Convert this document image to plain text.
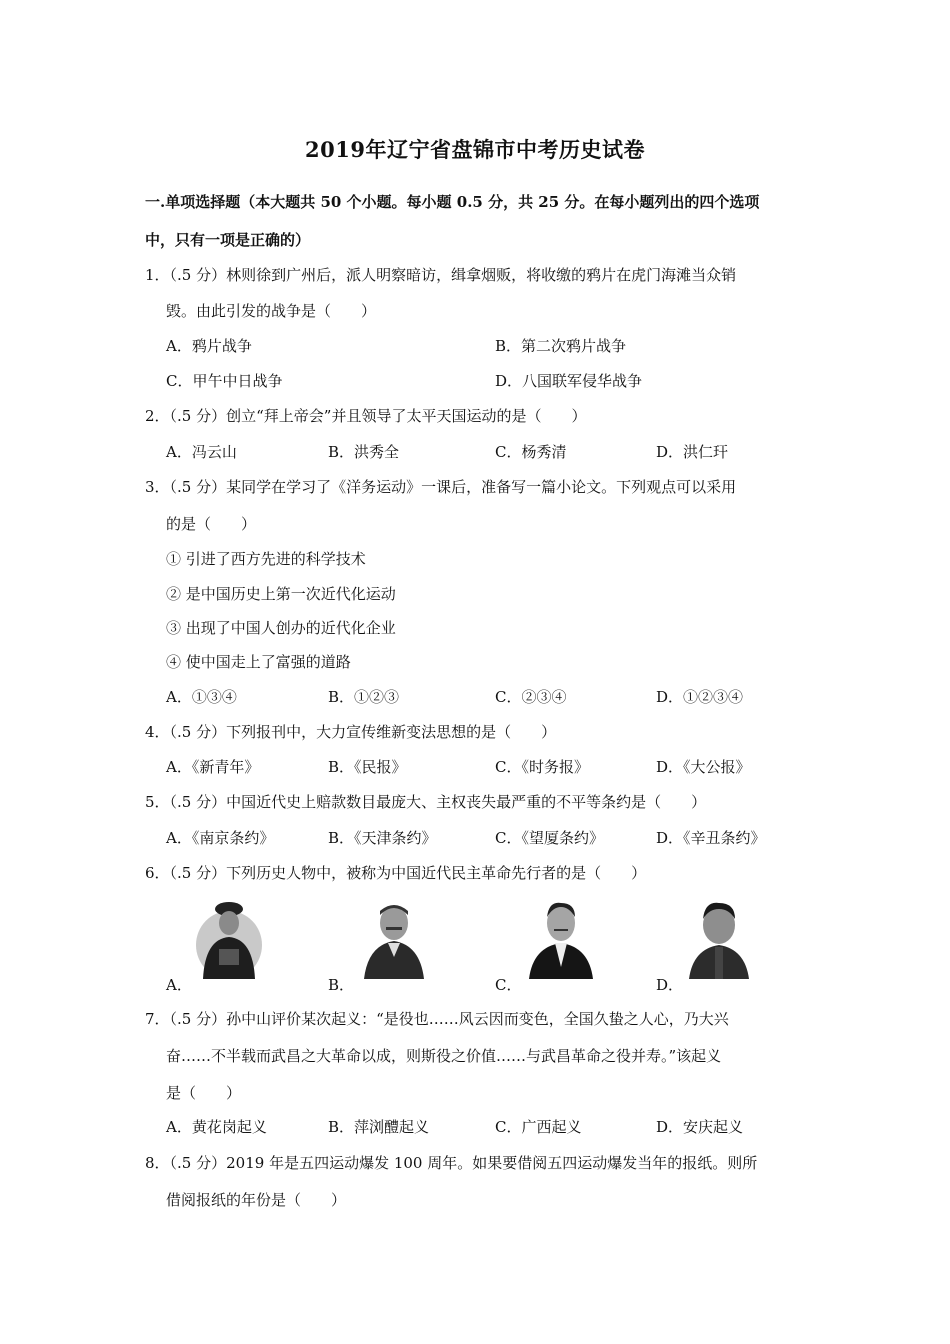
2019年辽宁省盘锦市中考历史试卷
一.单项选择题（本大题共 50 个小题。每小题 0.5 分，共 25 分。在每小题列出的四个选项
中，只有一项是正确的）
1．（.5 分）林则徐到广州后，派人明察暗访，缉拿烟贩，将收缴的鸦片在虎门海滩当众销
毁。由此引发的战争是（　　）
A．鸦片战争	B．第二次鸦片战争
C．甲午中日战争	D．八国联军侵华战争
2．（.5 分）创立“拜上帝会”并且领导了太平天国运动的是（　　）
A．冯云山	B．洪秀全	C．杨秀清	D．洪仁玕
3．（.5 分）某同学在学习了《洋务运动》一课后，准备写一篇小论文。下列观点可以采用
的是（　　）
① 引进了西方先进的科学技术
② 是中国历史上第一次近代化运动
③ 出现了中国人创办的近代化企业
④ 使中国走上了富强的道路
A．①③④	B．①②③	C．②③④	D．①②③④
4．（.5 分）下列报刊中，大力宣传维新变法思想的是（　　）
A．《新青年》	B．《民报》	C．《时务报》	D．《大公报》
5．（.5 分）中国近代史上赔款数目最庞大、主权丧失最严重的不平等条约是（　　）
A．《南京条约》	B．《天津条约》	C．《望厦条约》	D．《辛丑条约》
6．（.5 分）下列历史人物中，被称为中国近代民主革命先行者的是（　　）
A．	B．	C．	D．
7．（.5 分）孙中山评价某次起义：“是役也……风云因而变色，全国久蛰之人心，乃大兴
奋……不半载而武昌之大革命以成，则斯役之价值……与武昌革命之役并寿。”该起义
是（　　）
A．黄花岗起义	B．萍浏醴起义	C．广西起义	D．安庆起义
8．（.5 分）2019 年是五四运动爆发 100 周年。如果要借阅五四运动爆发当年的报纸。则所
借阅报纸的年份是（　　）
